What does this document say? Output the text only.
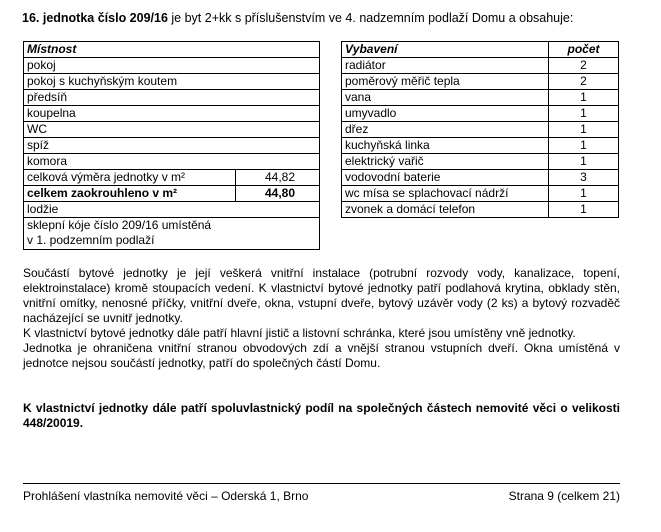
16. jednotka číslo 209/16 je byt 2+kk s příslušenstvím ve 4. nadzemním podlaží Domu a obsahuje:
Místnost	
pokoj	
pokoj s kuchyňským koutem	
předsíň	
koupelna	
WC	
spíž	
komora	
celková výměra jednotky v m²	44,82
celkem zaokrouhleno v m²	44,80
lodžie	
sklepní kóje číslo 209/16 umístěná
v 1. podzemním podlaží	
Vybavení	počet
radiátor	2
poměrový měřič tepla	2
vana	1
umyvadlo	1
dřez	1
kuchyňská linka	1
elektrický vařič	1
vodovodní baterie	3
wc mísa se splachovací nádrží	1
zvonek a domácí telefon	1
Součástí bytové jednotky je její veškerá vnitřní instalace (potrubní rozvody vody, kanalizace, topení, elektroinstalace) kromě stoupacích vedení. K vlastnictví bytové jednotky patří podlahová krytina, obklady stěn, vnitřní omítky, nenosné příčky, vnitřní dveře, okna, vstupní dveře, bytový uzávěr vody (2 ks) a bytový rozvaděč nacházející se uvnitř jednotky.
K vlastnictví bytové jednotky dále patří hlavní jistič a listovní schránka, které jsou umístěny vně jednotky.
Jednotka je ohraničena vnitřní stranou obvodových zdí a vnější stranou vstupních dveří. Okna umístěná v jednotce nejsou součástí jednotky, patří do společných částí Domu.
K vlastnictví jednotky dále patří spoluvlastnický podíl na společných částech nemovité věci o velikosti 448/20019.
Prohlášení vlastníka nemovité věci – Oderská 1, Brno	Strana 9 (celkem 21)
